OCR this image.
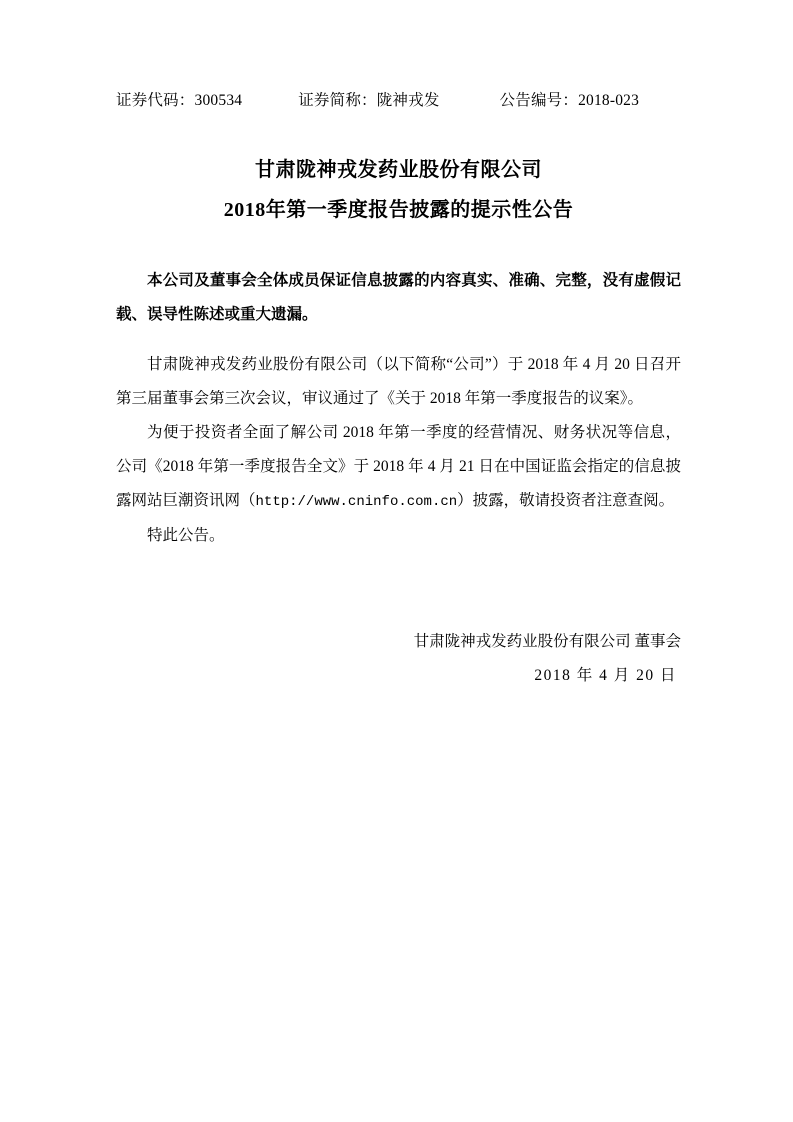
证券代码：300534	证券简称：陇神戎发	公告编号：2018-023
甘肃陇神戎发药业股份有限公司
2018年第一季度报告披露的提示性公告

本公司及董事会全体成员保证信息披露的内容真实、准确、完整，没有虚假记载、误导性陈述或重大遗漏。

甘肃陇神戎发药业股份有限公司（以下简称“公司”）于 2018 年 4 月 20 日召开第三届董事会第三次会议，审议通过了《关于 2018 年第一季度报告的议案》。

为便于投资者全面了解公司 2018 年第一季度的经营情况、财务状况等信息，公司《2018 年第一季度报告全文》于 2018 年 4 月 21 日在中国证监会指定的信息披露网站巨潮资讯网（http://www.cninfo.com.cn）披露，敬请投资者注意查阅。

特此公告。

甘肃陇神戎发药业股份有限公司 董事会
2018 年 4 月 20 日
